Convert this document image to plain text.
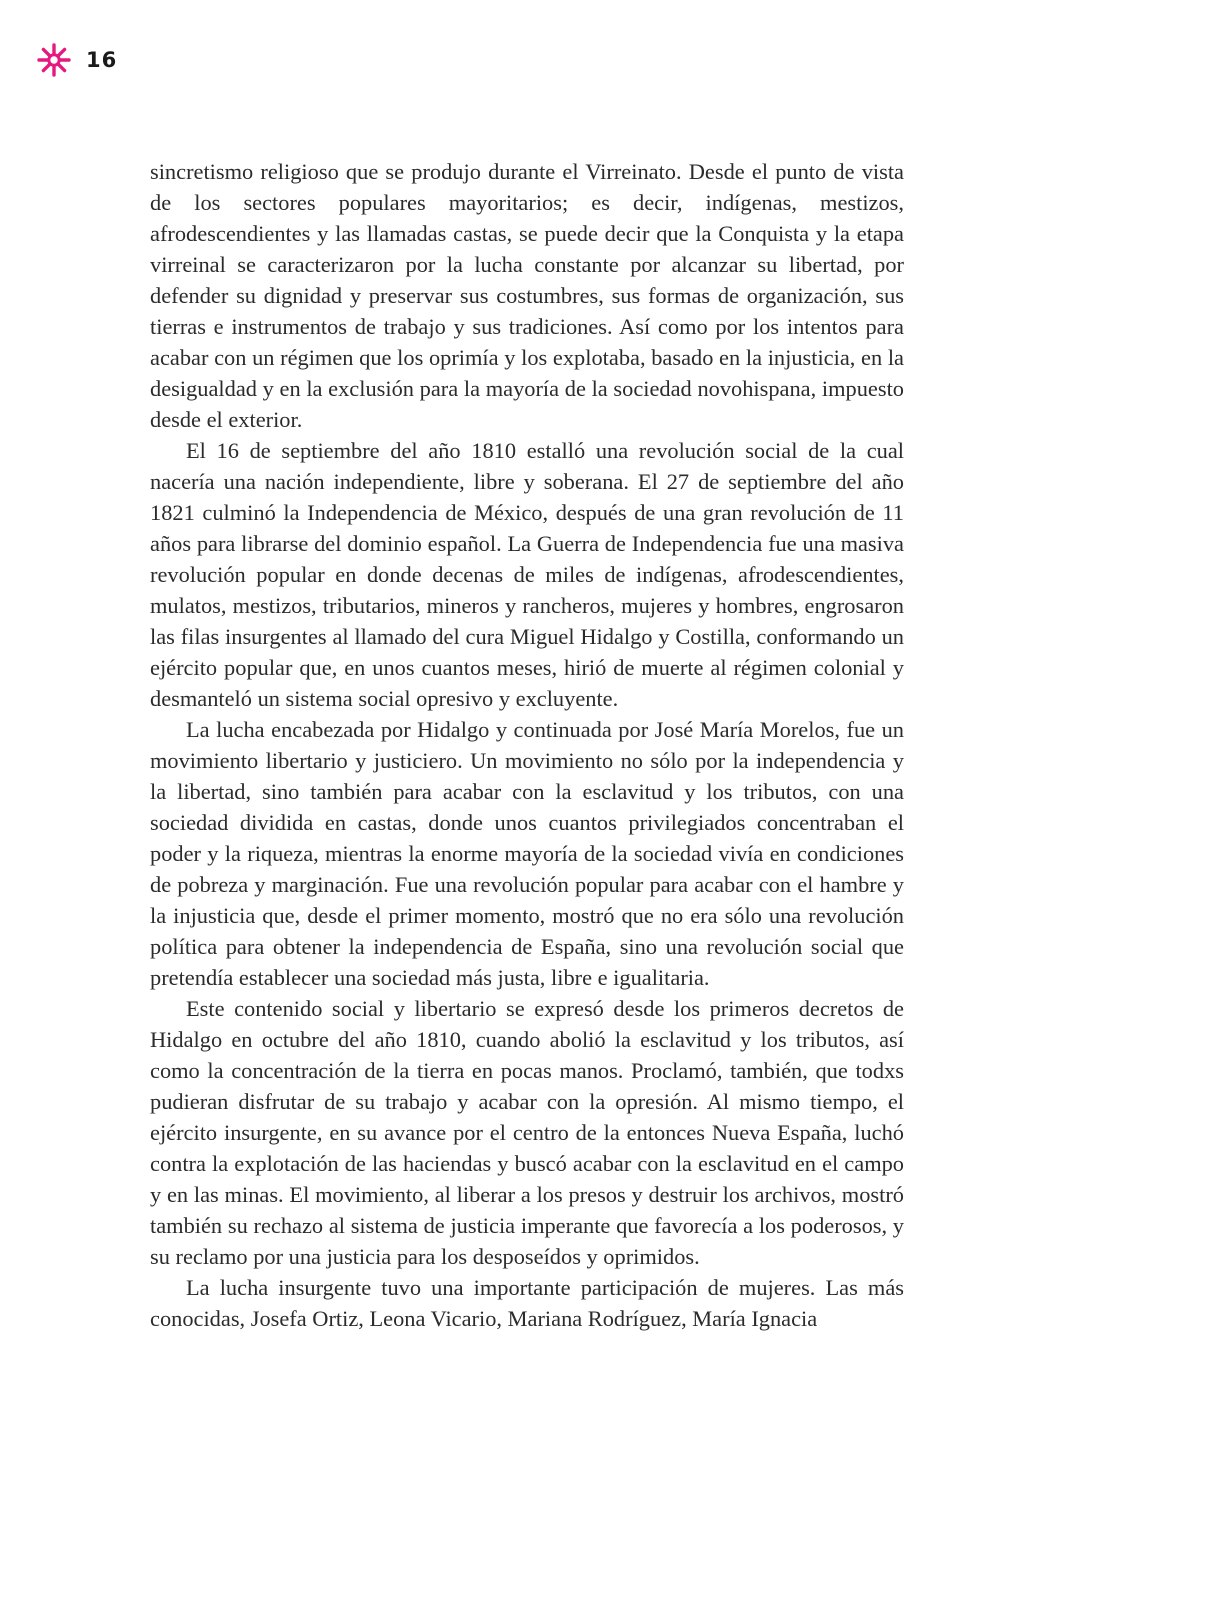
16

sincretismo religioso que se produjo durante el Virreinato. Desde el punto de vista de los sectores populares mayoritarios; es decir, indígenas, mestizos, afrodescendientes y las llamadas castas, se puede decir que la Conquista y la etapa virreinal se caracterizaron por la lucha constante por alcanzar su libertad, por defender su dignidad y preservar sus costumbres, sus formas de organización, sus tierras e instrumentos de trabajo y sus tradiciones. Así como por los intentos para acabar con un régimen que los oprimía y los explotaba, basado en la injusticia, en la desigualdad y en la exclusión para la mayoría de la sociedad novohispana, impuesto desde el exterior.

El 16 de septiembre del año 1810 estalló una revolución social de la cual nacería una nación independiente, libre y soberana. El 27 de septiembre del año 1821 culminó la Independencia de México, después de una gran revolución de 11 años para librarse del dominio español. La Guerra de Independencia fue una masiva revolución popular en donde decenas de miles de indígenas, afrodescendientes, mulatos, mestizos, tributarios, mineros y rancheros, mujeres y hombres, engrosaron las filas insurgentes al llamado del cura Miguel Hidalgo y Costilla, conformando un ejército popular que, en unos cuantos meses, hirió de muerte al régimen colonial y desmanteló un sistema social opresivo y excluyente.

La lucha encabezada por Hidalgo y continuada por José María Morelos, fue un movimiento libertario y justiciero. Un movimiento no sólo por la independencia y la libertad, sino también para acabar con la esclavitud y los tributos, con una sociedad dividida en castas, donde unos cuantos privilegiados concentraban el poder y la riqueza, mientras la enorme mayoría de la sociedad vivía en condiciones de pobreza y marginación. Fue una revolución popular para acabar con el hambre y la injusticia que, desde el primer momento, mostró que no era sólo una revolución política para obtener la independencia de España, sino una revolución social que pretendía establecer una sociedad más justa, libre e igualitaria.

Este contenido social y libertario se expresó desde los primeros decretos de Hidalgo en octubre del año 1810, cuando abolió la esclavitud y los tributos, así como la concentración de la tierra en pocas manos. Proclamó, también, que todxs pudieran disfrutar de su trabajo y acabar con la opresión. Al mismo tiempo, el ejército insurgente, en su avance por el centro de la entonces Nueva España, luchó contra la explotación de las haciendas y buscó acabar con la esclavitud en el campo y en las minas. El movimiento, al liberar a los presos y destruir los archivos, mostró también su rechazo al sistema de justicia imperante que favorecía a los poderosos, y su reclamo por una justicia para los desposeídos y oprimidos.

La lucha insurgente tuvo una importante participación de mujeres. Las más conocidas, Josefa Ortiz, Leona Vicario, Mariana Rodríguez, María Ignacia
